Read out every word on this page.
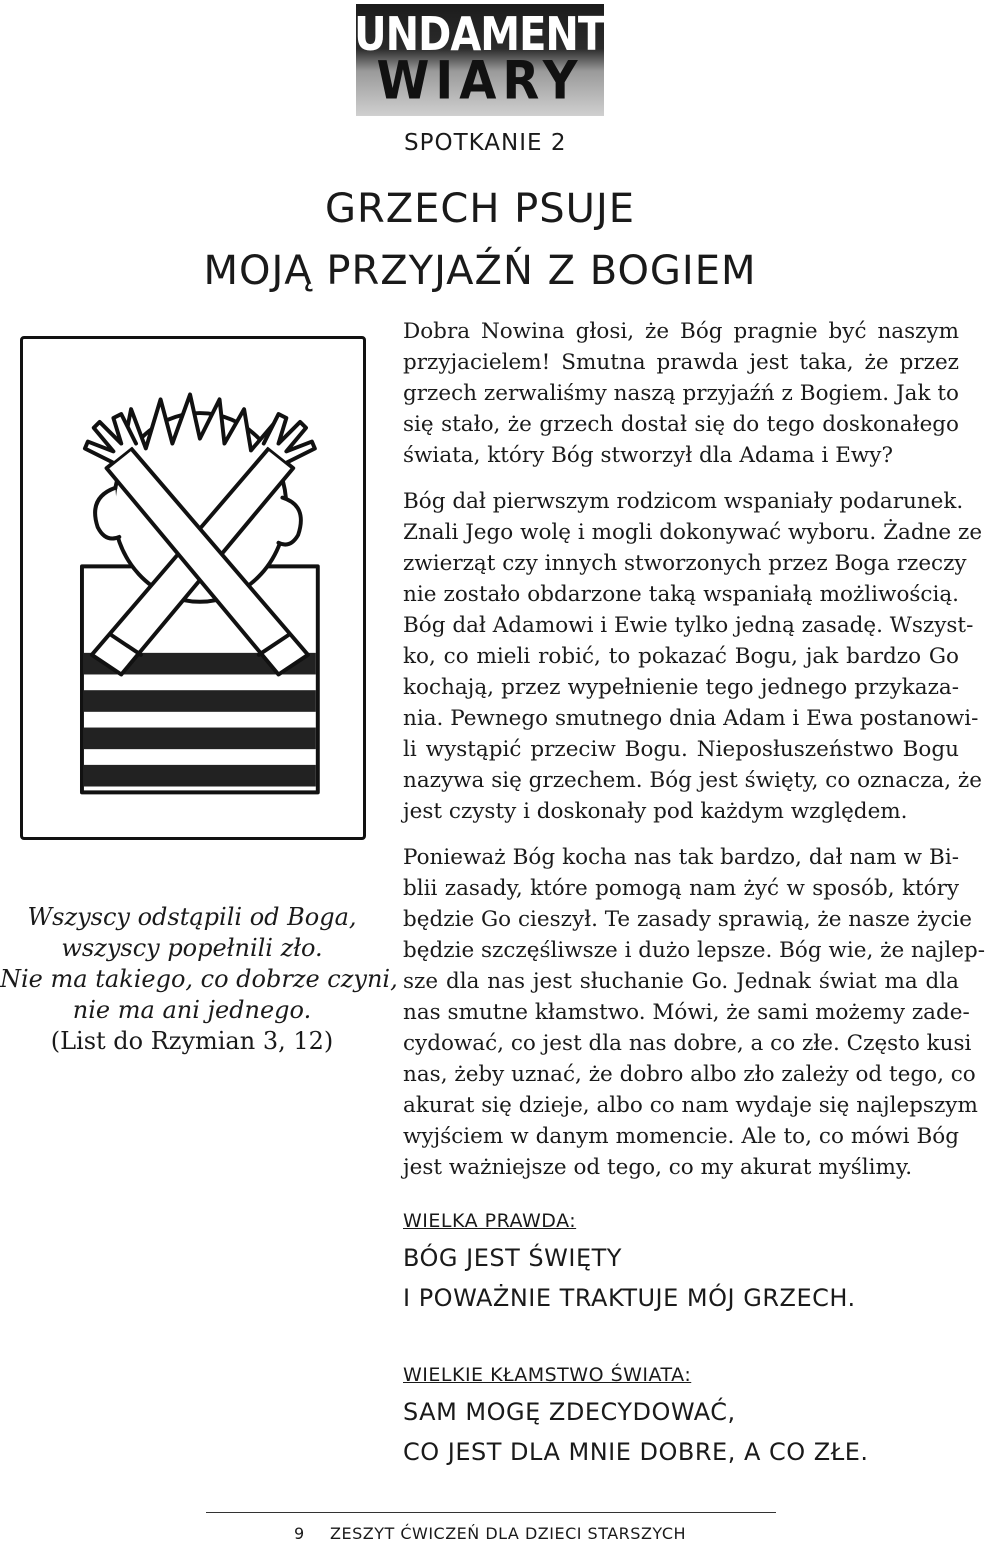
FUNDAMENTY
WIARY
SPOTKANIE 2
GRZECH PSUJE
MOJĄ PRZYJAŹŃ Z BOGIEM
Wszyscy odstąpili od Boga,
wszyscy popełnili zło.
Nie ma takiego, co dobrze czyni,
nie ma ani jednego.
(List do Rzymian 3, 12)
Dobra Nowina głosi, że Bóg pragnie być naszym
przyjacielem! Smutna prawda jest taka, że przez
grzech zerwaliśmy naszą przyjaźń z Bogiem. Jak to
się stało, że grzech dostał się do tego doskonałego
świata, który Bóg stworzył dla Adama i Ewy?
Bóg dał pierwszym rodzicom wspaniały podarunek.
Znali Jego wolę i mogli dokonywać wyboru. Żadne ze
zwierząt czy innych stworzonych przez Boga rzeczy
nie zostało obdarzone taką wspaniałą możliwością.
Bóg dał Adamowi i Ewie tylko jedną zasadę. Wszyst-
ko, co mieli robić, to pokazać Bogu, jak bardzo Go
kochają, przez wypełnienie tego jednego przykaza-
nia. Pewnego smutnego dnia Adam i Ewa postanowi-
li wystąpić przeciw Bogu. Nieposłuszeństwo Bogu
nazywa się grzechem. Bóg jest święty, co oznacza, że
jest czysty i doskonały pod każdym względem.
Ponieważ Bóg kocha nas tak bardzo, dał nam w Bi-
blii zasady, które pomogą nam żyć w sposób, który
będzie Go cieszył. Te zasady sprawią, że nasze życie
będzie szczęśliwsze i dużo lepsze. Bóg wie, że najlep-
sze dla nas jest słuchanie Go. Jednak świat ma dla
nas smutne kłamstwo. Mówi, że sami możemy zade-
cydować, co jest dla nas dobre, a co złe. Często kusi
nas, żeby uznać, że dobro albo zło zależy od tego, co
akurat się dzieje, albo co nam wydaje się najlepszym
wyjściem w danym momencie. Ale to, co mówi Bóg
jest ważniejsze od tego, co my akurat myślimy.
WIELKA PRAWDA:
BÓG JEST ŚWIĘTY
I POWAŻNIE TRAKTUJE MÓJ GRZECH.
WIELKIE KŁAMSTWO ŚWIATA:
SAM MOGĘ ZDECYDOWAĆ,
CO JEST DLA MNIE DOBRE, A CO ZŁE.
9 ZESZYT ĆWICZEŃ DLA DZIECI STARSZYCH
